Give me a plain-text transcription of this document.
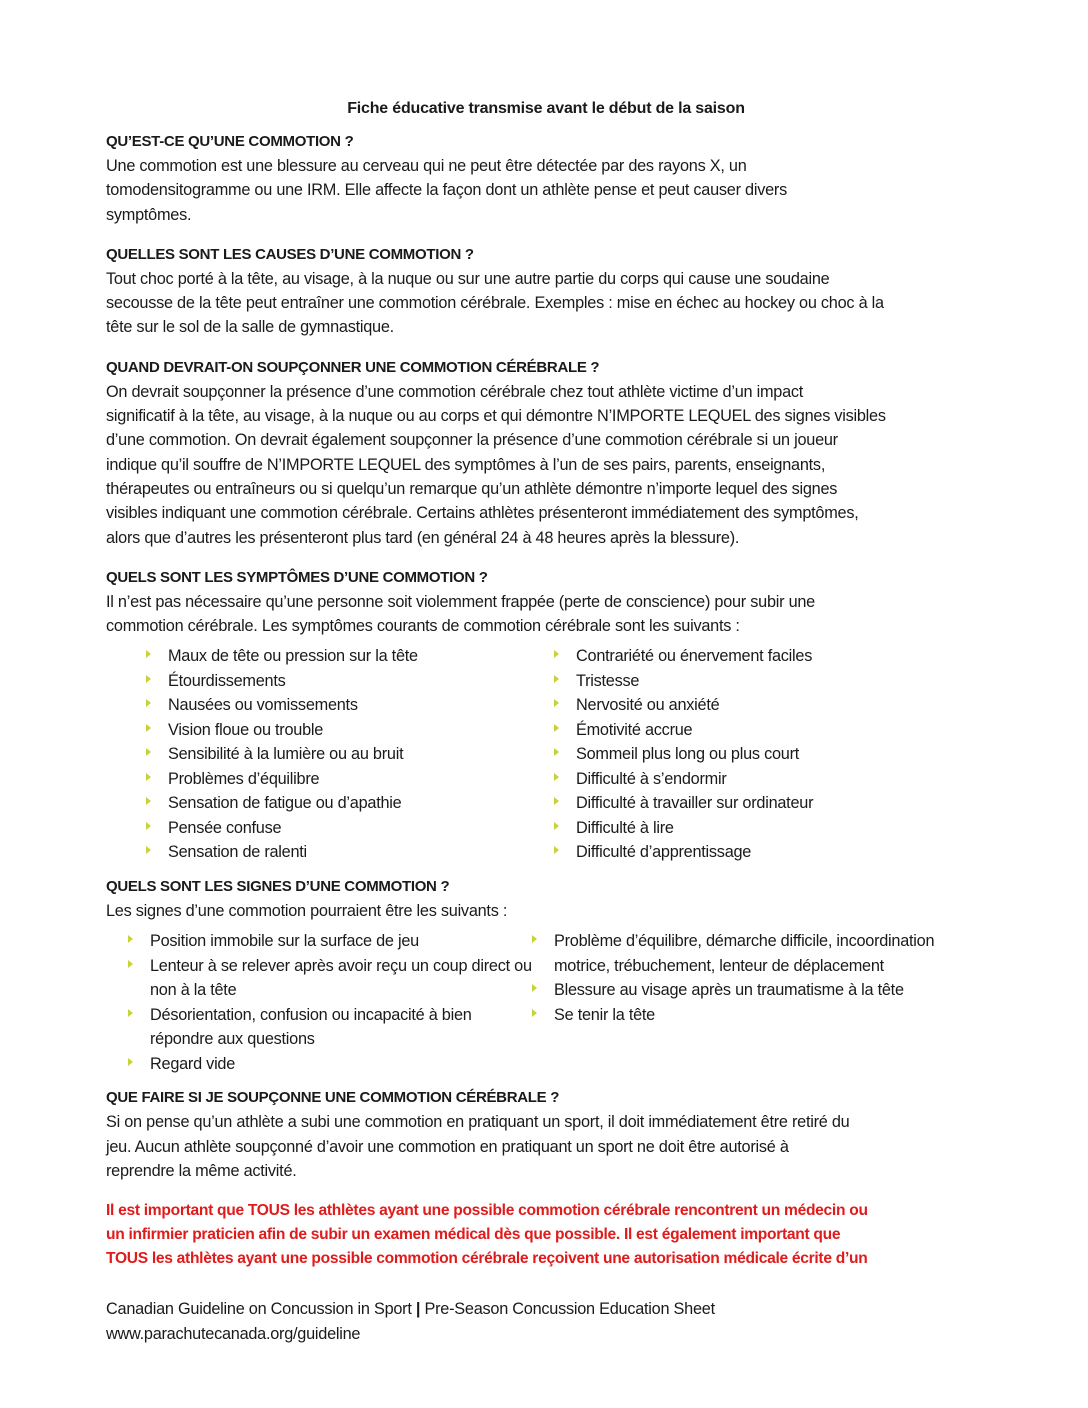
Fiche éducative transmise avant le début de la saison
QU’EST-CE QU’UNE COMMOTION ?
Une commotion est une blessure au cerveau qui ne peut être détectée par des rayons X, un
tomodensitogramme ou une IRM. Elle affecte la façon dont un athlète pense et peut causer divers
symptômes.
QUELLES SONT LES CAUSES D’UNE COMMOTION ?
Tout choc porté à la tête, au visage, à la nuque ou sur une autre partie du corps qui cause une soudaine
secousse de la tête peut entraîner une commotion cérébrale. Exemples : mise en échec au hockey ou choc à la
tête sur le sol de la salle de gymnastique.
QUAND DEVRAIT-ON SOUPÇONNER UNE COMMOTION CÉRÉBRALE ?
On devrait soupçonner la présence d’une commotion cérébrale chez tout athlète victime d’un impact
significatif à la tête, au visage, à la nuque ou au corps et qui démontre N’IMPORTE LEQUEL des signes visibles
d’une commotion. On devrait également soupçonner la présence d’une commotion cérébrale si un joueur
indique qu’il souffre de N’IMPORTE LEQUEL des symptômes à l’un de ses pairs, parents, enseignants,
thérapeutes ou entraîneurs ou si quelqu’un remarque qu’un athlète démontre n’importe lequel des signes
visibles indiquant une commotion cérébrale. Certains athlètes présenteront immédiatement des symptômes,
alors que d’autres les présenteront plus tard (en général 24 à 48 heures après la blessure).
QUELS SONT LES SYMPTÔMES D’UNE COMMOTION ?
Il n’est pas nécessaire qu’une personne soit violemment frappée (perte de conscience) pour subir une
commotion cérébrale. Les symptômes courants de commotion cérébrale sont les suivants :
Maux de tête ou pression sur la tête
Étourdissements
Nausées ou vomissements
Vision floue ou trouble
Sensibilité à la lumière ou au bruit
Problèmes d’équilibre
Sensation de fatigue ou d’apathie
Pensée confuse
Sensation de ralenti
Contrariété ou énervement faciles
Tristesse
Nervosité ou anxiété
Émotivité accrue
Sommeil plus long ou plus court
Difficulté à s’endormir
Difficulté à travailler sur ordinateur
Difficulté à lire
Difficulté d’apprentissage
QUELS SONT LES SIGNES D’UNE COMMOTION ?
Les signes d’une commotion pourraient être les suivants :
Position immobile sur la surface de jeu
Lenteur à se relever après avoir reçu un coup direct ou non à la tête
Désorientation, confusion ou incapacité à bien répondre aux questions
Regard vide
Problème d’équilibre, démarche difficile, incoordination motrice, trébuchement, lenteur de déplacement
Blessure au visage après un traumatisme à la tête
Se tenir la tête
QUE FAIRE SI JE SOUPÇONNE UNE COMMOTION CÉRÉBRALE ?
Si on pense qu’un athlète a subi une commotion en pratiquant un sport, il doit immédiatement être retiré du
jeu. Aucun athlète soupçonné d’avoir une commotion en pratiquant un sport ne doit être autorisé à
reprendre la même activité.
Il est important que TOUS les athlètes ayant une possible commotion cérébrale rencontrent un médecin ou
un infirmier praticien afin de subir un examen médical dès que possible. Il est également important que
TOUS les athlètes ayant une possible commotion cérébrale reçoivent une autorisation médicale écrite d’un
Canadian Guideline on Concussion in Sport | Pre-Season Concussion Education Sheet
www.parachutecanada.org/guideline
